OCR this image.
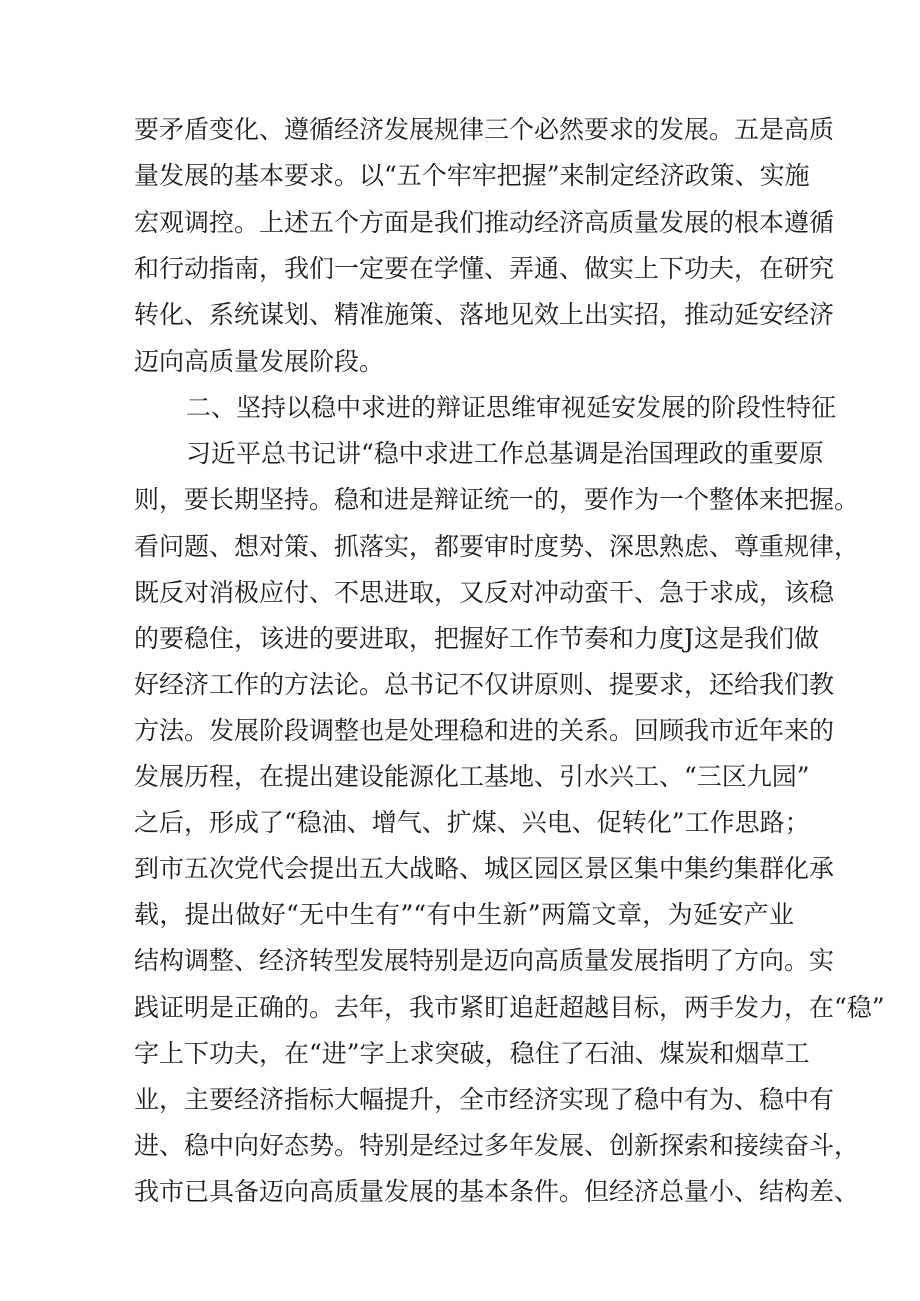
要矛盾变化、遵循经济发展规律三个必然要求的发展。五是高质
量发展的基本要求。以“五个牢牢把握”来制定经济政策、实施
宏观调控。上述五个方面是我们推动经济高质量发展的根本遵循
和行动指南，我们一定要在学懂、弄通、做实上下功夫，在研究
转化、系统谋划、精准施策、落地见效上出实招，推动延安经济
迈向高质量发展阶段。
二、坚持以稳中求进的辩证思维审视延安发展的阶段性特征
习近平总书记讲“稳中求进工作总基调是治国理政的重要原
则，要长期坚持。稳和进是辩证统一的，要作为一个整体来把握。
看问题、想对策、抓落实，都要审时度势、深思熟虑、尊重规律，
既反对消极应付、不思进取，又反对冲动蛮干、急于求成，该稳
的要稳住，该进的要进取，把握好工作节奏和力度J这是我们做
好经济工作的方法论。总书记不仅讲原则、提要求，还给我们教
方法。发展阶段调整也是处理稳和进的关系。回顾我市近年来的
发展历程，在提出建设能源化工基地、引水兴工、“三区九园”
之后，形成了“稳油、增气、扩煤、兴电、促转化”工作思路；
到市五次党代会提出五大战略、城区园区景区集中集约集群化承
载，提出做好“无中生有”“有中生新”两篇文章，为延安产业
结构调整、经济转型发展特别是迈向高质量发展指明了方向。实
践证明是正确的。去年，我市紧盯追赶超越目标，两手发力，在“稳”
字上下功夫，在“进”字上求突破，稳住了石油、煤炭和烟草工
业，主要经济指标大幅提升，全市经济实现了稳中有为、稳中有
进、稳中向好态势。特别是经过多年发展、创新探索和接续奋斗，
我市已具备迈向高质量发展的基本条件。但经济总量小、结构差、
